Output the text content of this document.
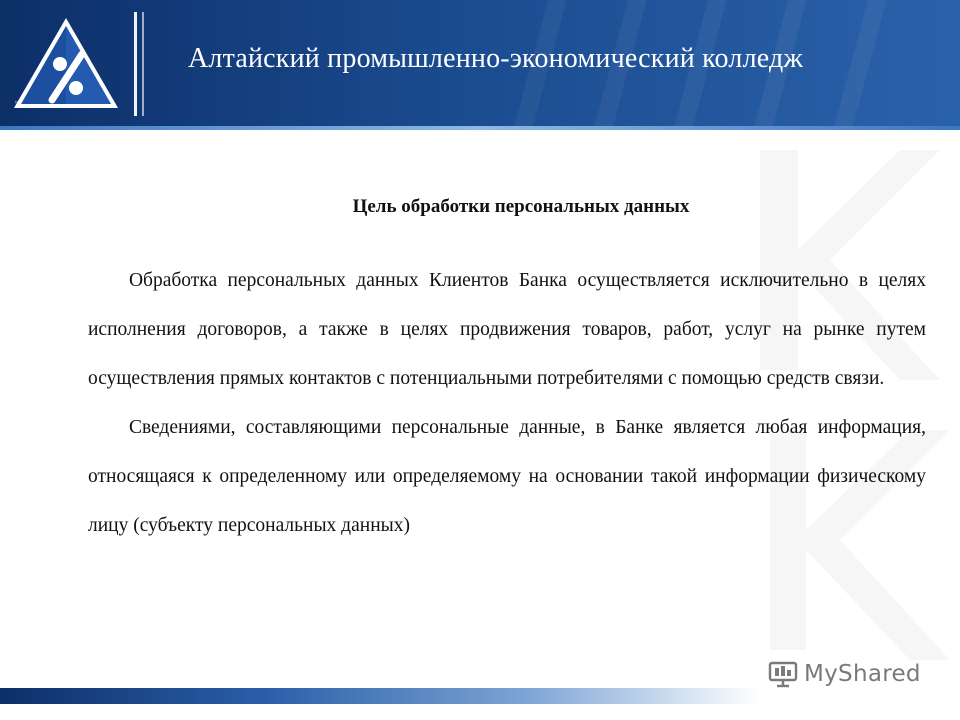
™
Алтайский промышленно-экономический колледж
Цель обработки персональных данных

Обработка персональных данных Клиентов Банка осуществляется исключительно в целях исполнения договоров, а также в целях продвижения товаров, работ, услуг на рынке путем осуществления прямых контактов с потенциальными потребителями с помощью средств связи.

Сведениями, составляющими персональные данные, в Банке является любая информация, относящаяся к определенному или определяемому на основании такой информации физическому лицу (субъекту персональных данных)

MyShared
